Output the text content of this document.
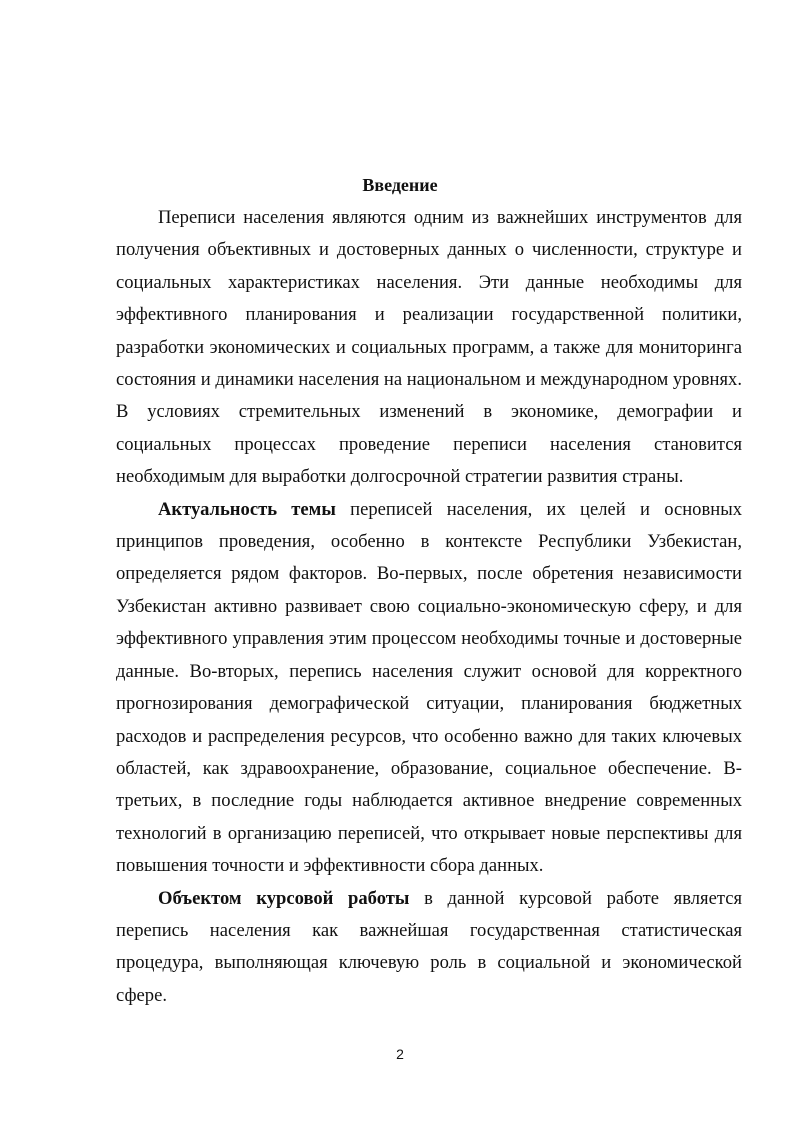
Введение

Переписи населения являются одним из важнейших инструментов для получения объективных и достоверных данных о численности, структуре и социальных характеристиках населения. Эти данные необходимы для эффективного планирования и реализации государственной политики, разработки экономических и социальных программ, а также для мониторинга состояния и динамики населения на национальном и международном уровнях. В условиях стремительных изменений в экономике, демографии и социальных процессах проведение переписи населения становится необходимым для выработки долгосрочной стратегии развития страны.

Актуальность темы переписей населения, их целей и основных принципов проведения, особенно в контексте Республики Узбекистан, определяется рядом факторов. Во-первых, после обретения независимости Узбекистан активно развивает свою социально-экономическую сферу, и для эффективного управления этим процессом необходимы точные и достоверные данные. Во-вторых, перепись населения служит основой для корректного прогнозирования демографической ситуации, планирования бюджетных расходов и распределения ресурсов, что особенно важно для таких ключевых областей, как здравоохранение, образование, социальное обеспечение. В-третьих, в последние годы наблюдается активное внедрение современных технологий в организацию переписей, что открывает новые перспективы для повышения точности и эффективности сбора данных.

Объектом курсовой работы в данной курсовой работе является перепись населения как важнейшая государственная статистическая процедура, выполняющая ключевую роль в социальной и экономической сфере.

2
